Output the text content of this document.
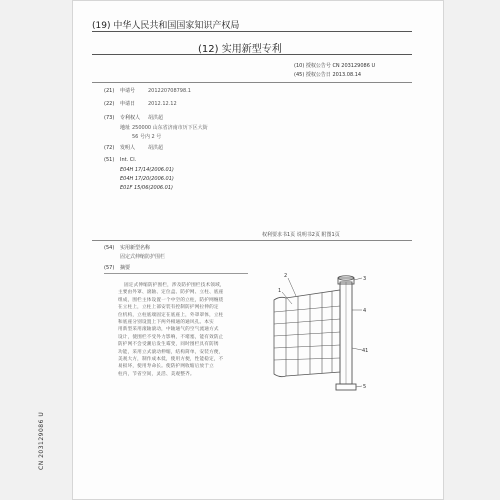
CN 203129086 U
(19) 中华人民共和国国家知识产权局
(12) 实用新型专利
(10) 授权公告号 CN 203129086 U
(45) 授权公告日 2013.08.14
(21) 申请号	201220708798.1
(22) 申请日	2012.12.12
(73) 专利权人 胡洪超
地址 250000 山东省济南市历下区大街
56 号内 2 号
(72) 发明人	胡洪超
(51) Int. Cl.
E04H 17/14(2006.01)
E04H 17/20(2006.01)
E01F 15/06(2006.01)
权利要求书1页 说明书2页 附图1页
(54) 实用新型名称
固定式伸缩防护围栏
(57) 摘要
固定式伸缩防护围栏，涉及防护围栏技术领域，
主要由外罩、滚轴、定位盒、防护网、立柱、底座
组成，围栏主体设置一个中空的立柱，防护网缠绕
在立柱上，立柱上部安装有控制防护网拉伸的定
位机构，立柱底端固定在底座上，外罩罩体，立柱
和底座分别设置上下两外相通的通风孔。本实
用新型采用滚轴滚动，中轴通气的空气流通方式
设计，使围栏不受外力影响，不堵塞，能有效防止
防护网不会受潮后发生霉变，同时围栏具有防锈
功能，采用立式滚动伸缩，结构简单，安装方便，
美观大方，制作成本低，使用方便，性能稳定，不
易损坏，使用寿命长。使防护网收缩后放于立
柱内，节省空间，灵活、美观整齐。
2
1
3
4
41
5
